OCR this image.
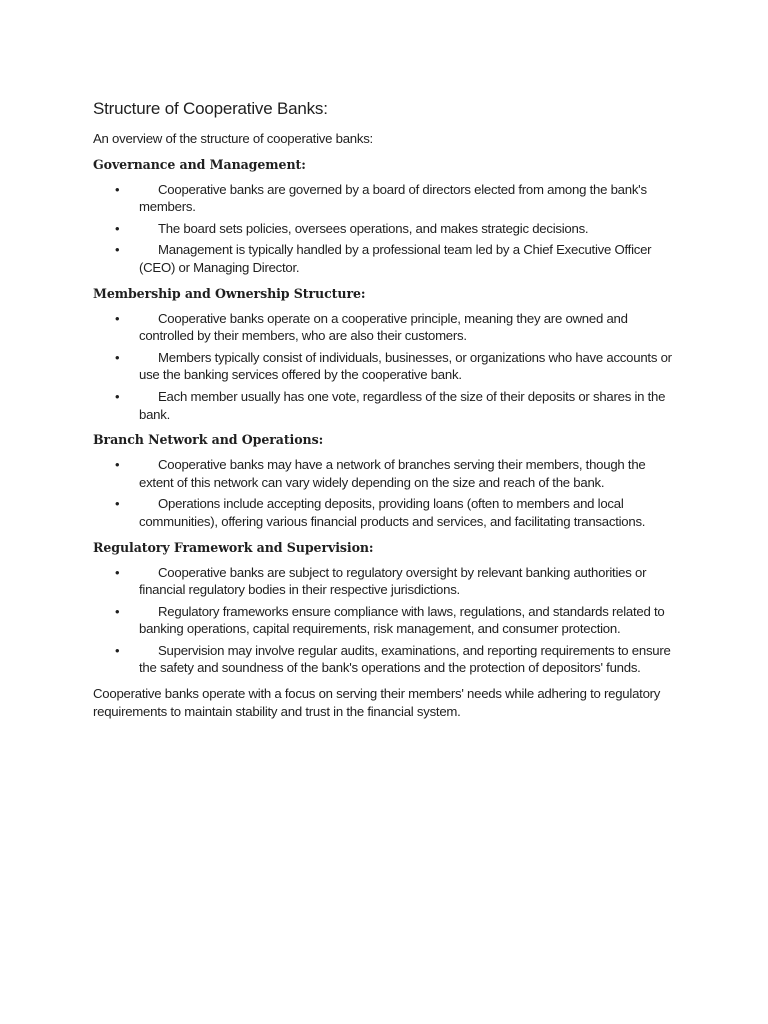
Structure of Cooperative Banks:

An overview of the structure of cooperative banks:

Governance and Management:
•	Cooperative banks are governed by a board of directors elected from among the bank's members.
•	The board sets policies, oversees operations, and makes strategic decisions.
•	Management is typically handled by a professional team led by a Chief Executive Officer (CEO) or Managing Director.
Membership and Ownership Structure:
•	Cooperative banks operate on a cooperative principle, meaning they are owned and controlled by their members, who are also their customers.
•	Members typically consist of individuals, businesses, or organizations who have accounts or use the banking services offered by the cooperative bank.
•	Each member usually has one vote, regardless of the size of their deposits or shares in the bank.
Branch Network and Operations:
•	Cooperative banks may have a network of branches serving their members, though the extent of this network can vary widely depending on the size and reach of the bank.
•	Operations include accepting deposits, providing loans (often to members and local communities), offering various financial products and services, and facilitating transactions.
Regulatory Framework and Supervision:
•	Cooperative banks are subject to regulatory oversight by relevant banking authorities or financial regulatory bodies in their respective jurisdictions.
•	Regulatory frameworks ensure compliance with laws, regulations, and standards related to banking operations, capital requirements, risk management, and consumer protection.
•	Supervision may involve regular audits, examinations, and reporting requirements to ensure the safety and soundness of the bank's operations and the protection of depositors' funds.

Cooperative banks operate with a focus on serving their members' needs while adhering to regulatory requirements to maintain stability and trust in the financial system.
